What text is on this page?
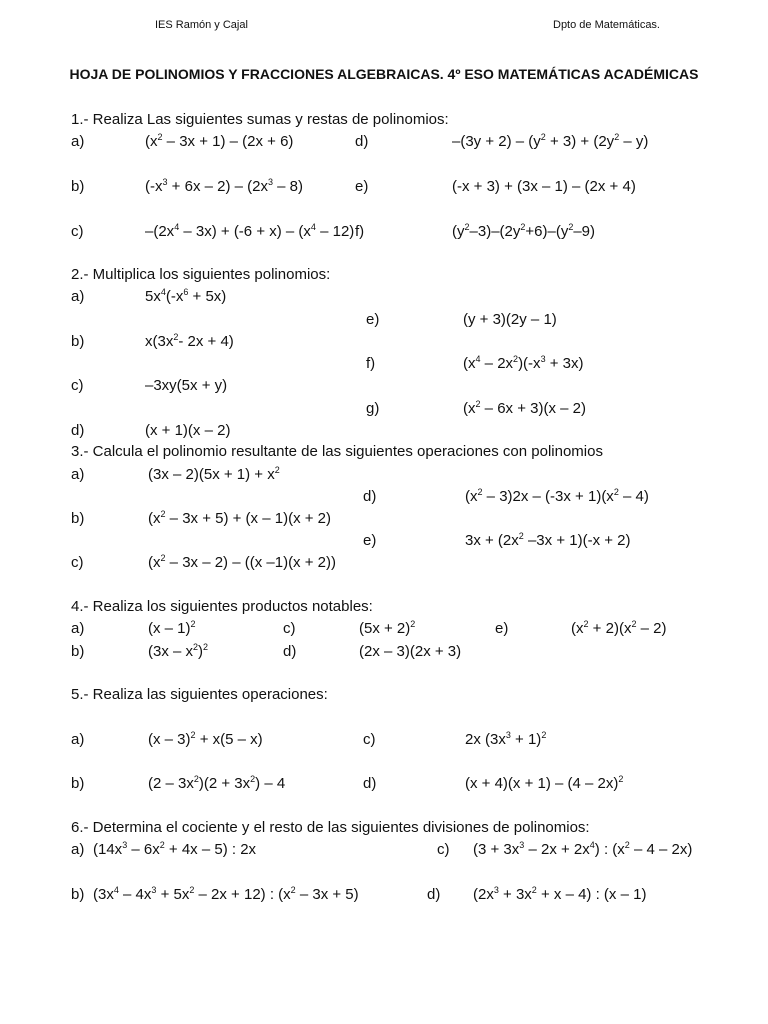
IES Ramón y Cajal	Dpto de Matemáticas.
HOJA DE POLINOMIOS Y FRACCIONES ALGEBRAICAS. 4º ESO MATEMÁTICAS ACADÉMICAS
1.- Realiza Las siguientes sumas y restas de polinomios:
a)	$(x^2 - 3x + 1) - (2x + 6)$	d)	$-(3y + 2) - (y^2 + 3) + (2y^2 - y)$
b)	$(-x^3 + 6x - 2) - (2x^3 - 8)$	e)	(-x + 3) + (3x – 1) – (2x + 4)
c)	$-(2x^4 - 3x) + (-6 + x) - (x^4 - 12)$ f)	$(y^2-3)-(2y^2+6)-(y^2-9)$
2.- Multiplica los siguientes polinomios:
a)	$5x^4(-x^6 + 5x)$
e)	(y + 3)(2y – 1)
b)	$x(3x^2-$ 2x + 4)
f)	$(x^4 - 2x^2)(-x^3 + 3x)$
c)	–3xy(5x + y)
g)	$(x^2 - 6x + 3)(x - 2)$
d)	(x + 1)(x – 2)
3.- Calcula el polinomio resultante de las siguientes operaciones con polinomios
a)	$(3x - 2)(5x + 1) + x^2$
d)	$(x^2 - 3)2x - (-3x + 1)(x^2 - 4)$
b)	$(x^2 - 3x + 5) + (x - 1)(x + 2)$
e)	$3x + (2x^2$ –3x + 1)(-x + 2)
c)	$(x^2 - 3x - 2) - ((x$ –1)(x + 2))
4.- Realiza los siguientes productos notables:
a)	(x – 1)$^2$	c)	$(5x + 2)^2$	e)	$(x^2 + 2)(x^2 - 2)$
b)	$(3x - x^2)^2$	d)	(2x – 3)(2x + 3)
5.- Realiza las siguientes operaciones:
a)	(x – 3)$^2$ + x(5 – x)	c)	2x $(3x^3 + 1)^2$
b)	$(2 - 3x^2)(2 + 3x^2) - 4$	d)	(x + 4)(x + 1) – (4 – 2x)$^2$
6.- Determina el cociente y el resto de las siguientes divisiones de polinomios:
a) $(14x^3 - 6x^2 + 4x - 5)$ : 2x	c) $(3 + 3x^3 - 2x + 2x^4)$ : $(x^2 - 4 - 2x)$
b) $(3x^4 - 4x^3 + 5x^2 - 2x + 12)$ : $(x^2 - 3x + 5)$	d) $(2x^3 + 3x^2 + x - 4)$ : (x – 1)
